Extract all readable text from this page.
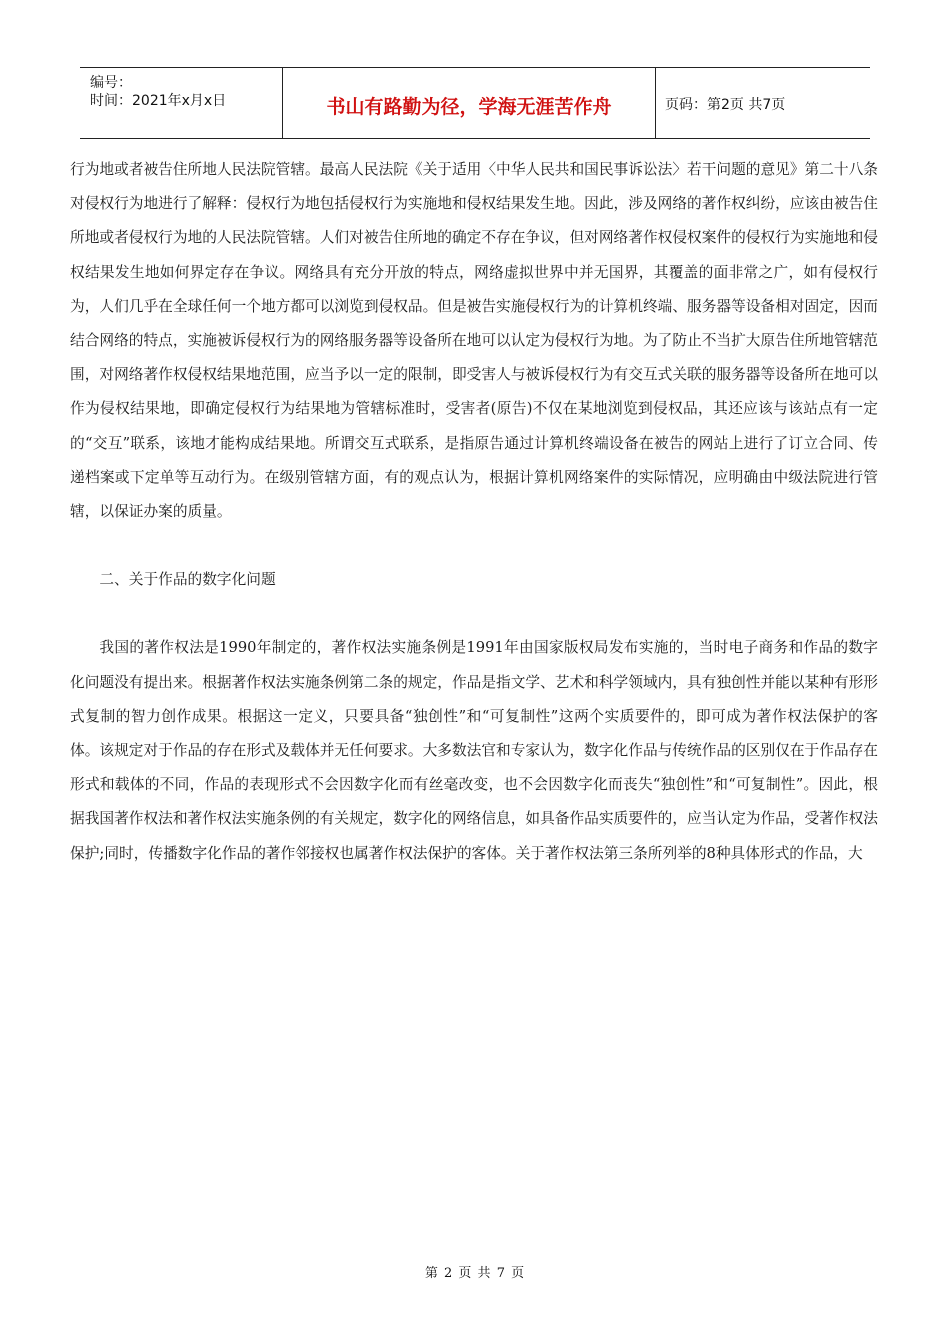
编号：
时间：2021年x月x日	书山有路勤为径，学海无涯苦作舟	页码：第2页 共7页

行为地或者被告住所地人民法院管辖。最高人民法院《关于适用〈中华人民共和国民事诉讼法〉若干问题的意见》第二十八条对侵权行为地进行了解释：侵权行为地包括侵权行为实施地和侵权结果发生地。因此，涉及网络的著作权纠纷，应该由被告住所地或者侵权行为地的人民法院管辖。人们对被告住所地的确定不存在争议，但对网络著作权侵权案件的侵权行为实施地和侵权结果发生地如何界定存在争议。网络具有充分开放的特点，网络虚拟世界中并无国界，其覆盖的面非常之广，如有侵权行为，人们几乎在全球任何一个地方都可以浏览到侵权品。但是被告实施侵权行为的计算机终端、服务器等设备相对固定，因而结合网络的特点，实施被诉侵权行为的网络服务器等设备所在地可以认定为侵权行为地。为了防止不当扩大原告住所地管辖范围，对网络著作权侵权结果地范围，应当予以一定的限制，即受害人与被诉侵权行为有交互式关联的服务器等设备所在地可以作为侵权结果地，即确定侵权行为结果地为管辖标准时，受害者(原告)不仅在某地浏览到侵权品，其还应该与该站点有一定的“交互”联系，该地才能构成结果地。所谓交互式联系，是指原告通过计算机终端设备在被告的网站上进行了订立合同、传递档案或下定单等互动行为。在级别管辖方面，有的观点认为，根据计算机网络案件的实际情况，应明确由中级法院进行管辖，以保证办案的质量。

二、关于作品的数字化问题

我国的著作权法是1990年制定的，著作权法实施条例是1991年由国家版权局发布实施的，当时电子商务和作品的数字化问题没有提出来。根据著作权法实施条例第二条的规定，作品是指文学、艺术和科学领域内，具有独创性并能以某种有形形式复制的智力创作成果。根据这一定义，只要具备“独创性”和“可复制性”这两个实质要件的，即可成为著作权法保护的客体。该规定对于作品的存在形式及载体并无任何要求。大多数法官和专家认为，数字化作品与传统作品的区别仅在于作品存在形式和载体的不同，作品的表现形式不会因数字化而有丝毫改变，也不会因数字化而丧失“独创性”和“可复制性”。因此，根据我国著作权法和著作权法实施条例的有关规定，数字化的网络信息，如具备作品实质要件的，应当认定为作品，受著作权法保护;同时，传播数字化作品的著作邻接权也属著作权法保护的客体。关于著作权法第三条所列举的8种具体形式的作品，大

第 2 页 共 7 页
